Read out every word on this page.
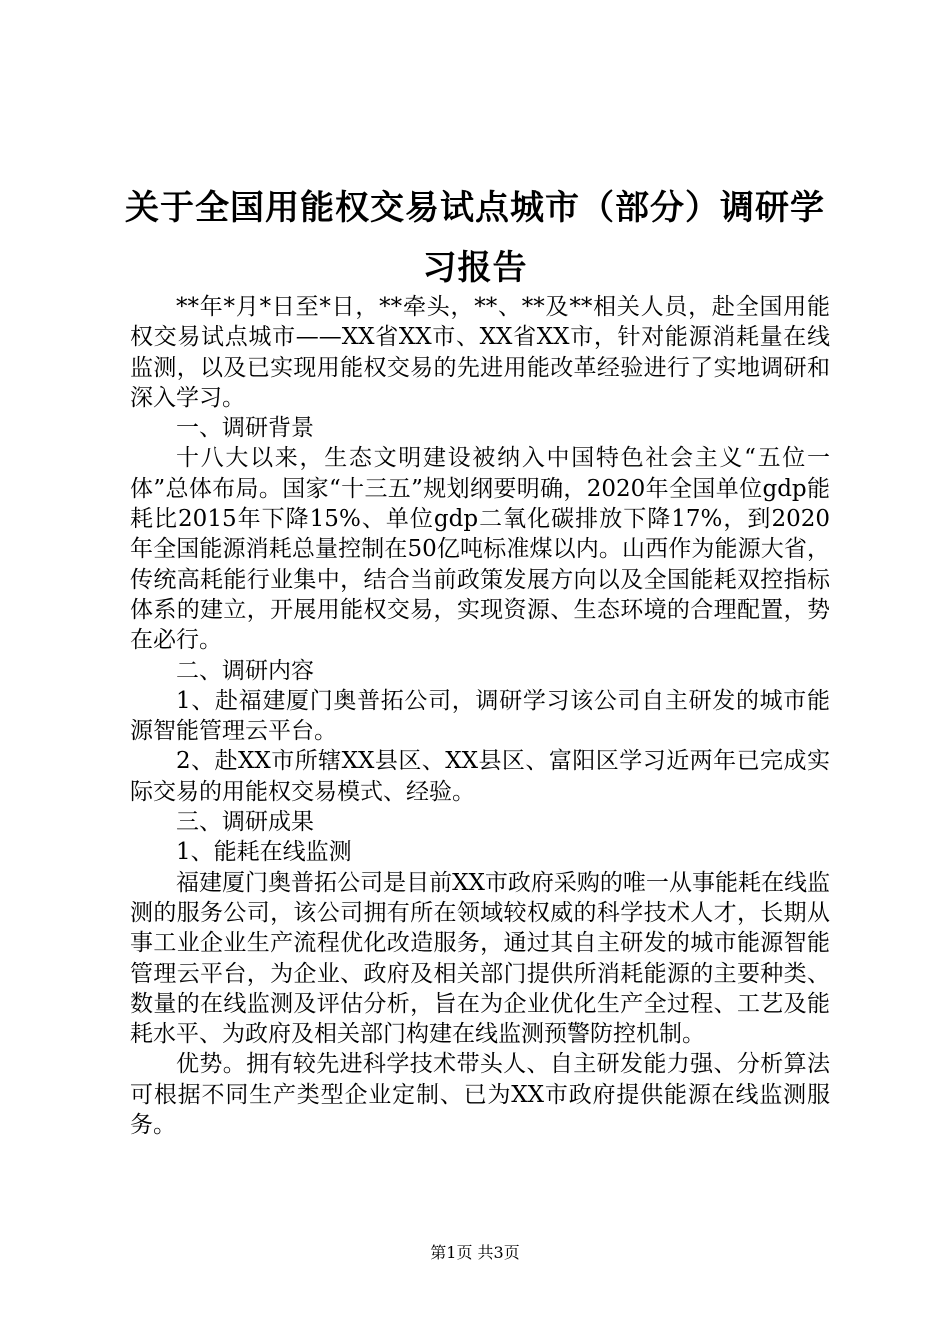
关于全国用能权交易试点城市（部分）调研学习报告

**年*月*日至*日，**牵头，**、**及**相关人员，赴全国用能权交易试点城市——XX省XX市、XX省XX市，针对能源消耗量在线监测，以及已实现用能权交易的先进用能改革经验进行了实地调研和深入学习。

一、调研背景

十八大以来，生态文明建设被纳入中国特色社会主义“五位一体”总体布局。国家“十三五”规划纲要明确，2020年全国单位gdp能耗比2015年下降15%、单位gdp二氧化碳排放下降17%，到2020年全国能源消耗总量控制在50亿吨标准煤以内。山西作为能源大省，传统高耗能行业集中，结合当前政策发展方向以及全国能耗双控指标体系的建立，开展用能权交易，实现资源、生态环境的合理配置，势在必行。

二、调研内容

1、赴福建厦门奥普拓公司，调研学习该公司自主研发的城市能源智能管理云平台。

2、赴XX市所辖XX县区、XX县区、富阳区学习近两年已完成实际交易的用能权交易模式、经验。

三、调研成果

1、能耗在线监测

福建厦门奥普拓公司是目前XX市政府采购的唯一从事能耗在线监测的服务公司，该公司拥有所在领域较权威的科学技术人才，长期从事工业企业生产流程优化改造服务，通过其自主研发的城市能源智能管理云平台，为企业、政府及相关部门提供所消耗能源的主要种类、数量的在线监测及评估分析，旨在为企业优化生产全过程、工艺及能耗水平、为政府及相关部门构建在线监测预警防控机制。

优势。拥有较先进科学技术带头人、自主研发能力强、分析算法可根据不同生产类型企业定制、已为XX市政府提供能源在线监测服务。

第1页 共3页
